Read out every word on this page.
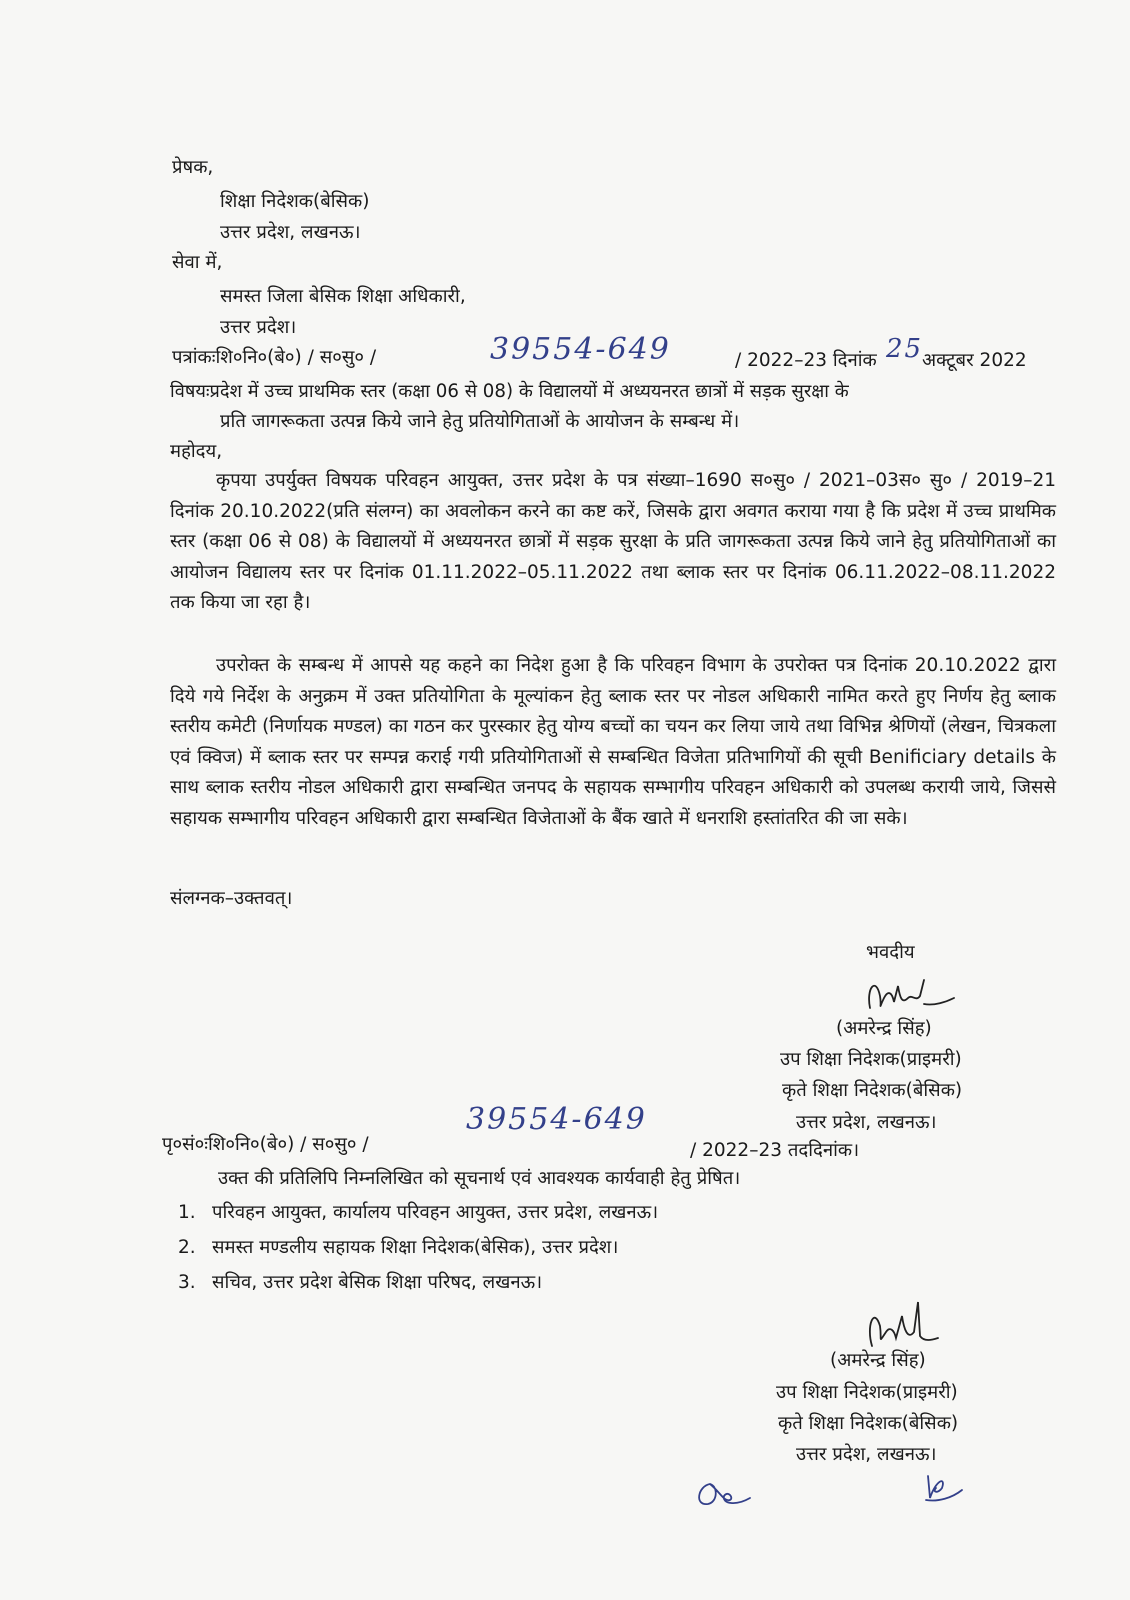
प्रेषक,
शिक्षा निदेशक(बेसिक)
उत्तर प्रदेश, लखनऊ।
सेवा में,
समस्त जिला बेसिक शिक्षा अधिकारी,
उत्तर प्रदेश।
पत्रांकःशि०नि०(बे०) / स०सु० /	39554-649	/ 2022–23 दिनांक 25
अक्टूबर 2022
विषयःप्रदेश में उच्च प्राथमिक स्तर (कक्षा 06 से 08) के विद्यालयों में अध्ययनरत छात्रों में सड़क सुरक्षा के
प्रति जागरूकता उत्पन्न किये जाने हेतु प्रतियोगिताओं के आयोजन के सम्बन्ध में।
महोदय,

कृपया उपर्युक्त विषयक परिवहन आयुक्त, उत्तर प्रदेश के पत्र संख्या–1690 स०सु० / 2021–03स० सु० / 2019–21 दिनांक 20.10.2022(प्रति संलग्न) का अवलोकन करने का कष्ट करें, जिसके द्वारा अवगत कराया गया है कि प्रदेश में उच्च प्राथमिक स्तर (कक्षा 06 से 08) के विद्यालयों में अध्ययनरत छात्रों में सड़क सुरक्षा के प्रति जागरूकता उत्पन्न किये जाने हेतु प्रतियोगिताओं का आयोजन विद्यालय स्तर पर दिनांक 01.11.2022–05.11.2022 तथा ब्लाक स्तर पर दिनांक 06.11.2022–08.11.2022 तक किया जा रहा है।

उपरोक्त के सम्बन्ध में आपसे यह कहने का निदेश हुआ है कि परिवहन विभाग के उपरोक्त पत्र दिनांक 20.10.2022 द्वारा दिये गये निर्देश के अनुक्रम में उक्त प्रतियोगिता के मूल्यांकन हेतु ब्लाक स्तर पर नोडल अधिकारी नामित करते हुए निर्णय हेतु ब्लाक स्तरीय कमेटी (निर्णायक मण्डल) का गठन कर पुरस्कार हेतु योग्य बच्चों का चयन कर लिया जाये तथा विभिन्न श्रेणियों (लेखन, चित्रकला एवं क्विज) में ब्लाक स्तर पर सम्पन्न कराई गयी प्रतियोगिताओं से सम्बन्धित विजेता प्रतिभागियों की सूची Benificiary details के साथ ब्लाक स्तरीय नोडल अधिकारी द्वारा सम्बन्धित जनपद के सहायक सम्भागीय परिवहन अधिकारी को उपलब्ध करायी जाये, जिससे सहायक सम्भागीय परिवहन अधिकारी द्वारा सम्बन्धित विजेताओं के बैंक खाते में धनराशि हस्तांतरित की जा सके।

संलग्नक–उक्तवत्।
भवदीय
(अमरेन्द्र सिंह)
उप शिक्षा निदेशक(प्राइमरी)
कृते शिक्षा निदेशक(बेसिक)
उत्तर प्रदेश, लखनऊ।
पृ०सं०ःशि०नि०(बे०) / स०सु० /
39554-649
/ 2022–23 तददिनांक।
उक्त की प्रतिलिपि निम्नलिखित को सूचनार्थ एवं आवश्यक कार्यवाही हेतु प्रेषित।
1. परिवहन आयुक्त, कार्यालय परिवहन आयुक्त, उत्तर प्रदेश, लखनऊ।
2. समस्त मण्डलीय सहायक शिक्षा निदेशक(बेसिक), उत्तर प्रदेश।
3. सचिव, उत्तर प्रदेश बेसिक शिक्षा परिषद, लखनऊ।
(अमरेन्द्र सिंह)
उप शिक्षा निदेशक(प्राइमरी)
कृते शिक्षा निदेशक(बेसिक)
उत्तर प्रदेश, लखनऊ।
